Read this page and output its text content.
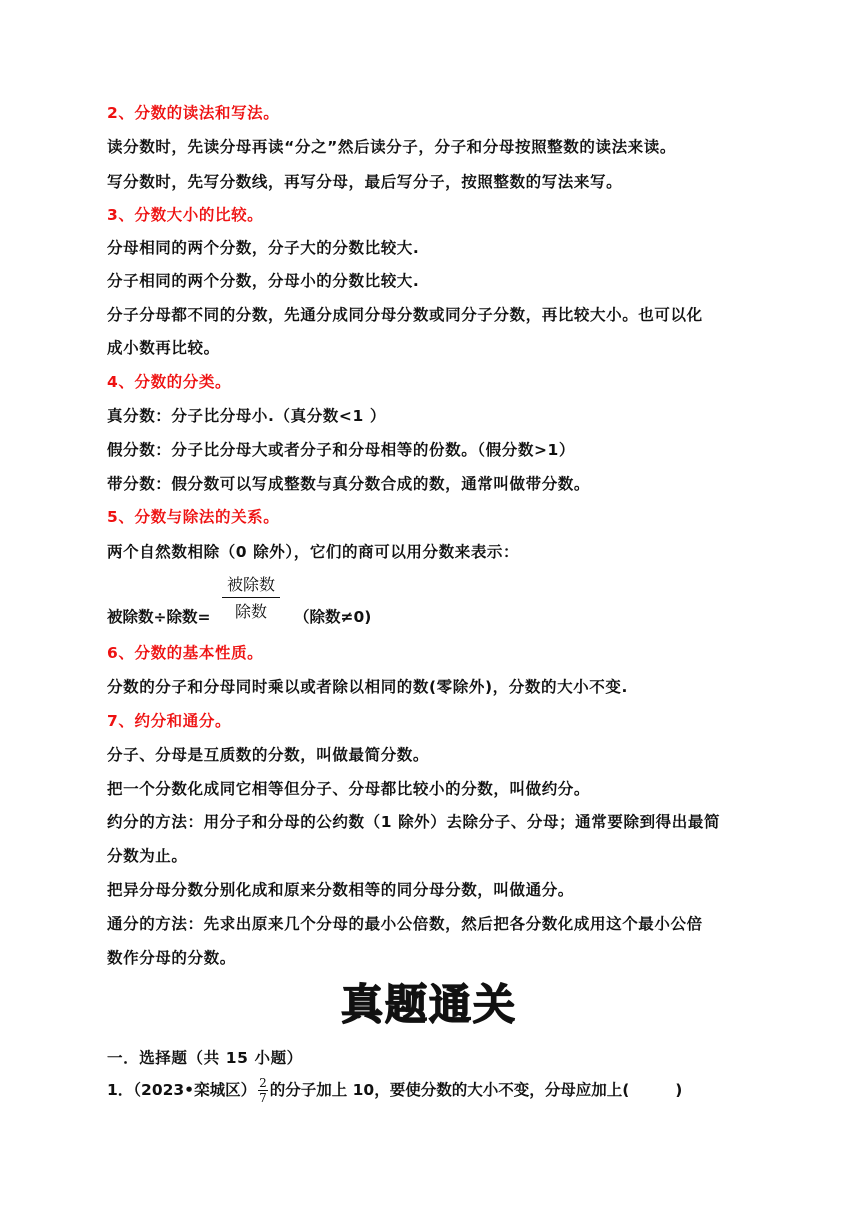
2、分数的读法和写法。
读分数时，先读分母再读“分之”然后读分子，分子和分母按照整数的读法来读。
写分数时，先写分数线，再写分母，最后写分子，按照整数的写法来写。
3、分数大小的比较。
分母相同的两个分数，分子大的分数比较大.
分子相同的两个分数，分母小的分数比较大.
分子分母都不同的分数，先通分成同分母分数或同分子分数，再比较大小。也可以化
成小数再比较。
4、分数的分类。
真分数：分子比分母小.（真分数<1 ）
假分数：分子比分母大或者分子和分母相等的份数。（假分数>1）
带分数：假分数可以写成整数与真分数合成的数，通常叫做带分数。
5、分数与除法的关系。
两个自然数相除（0 除外），它们的商可以用分数来表示：
被除数÷除数=
被除数
除数	（除数≠0)
6、分数的基本性质。
分数的分子和分母同时乘以或者除以相同的数(零除外)，分数的大小不变.
7、约分和通分。
分子、分母是互质数的分数，叫做最简分数。
把一个分数化成同它相等但分子、分母都比较小的分数，叫做约分。
约分的方法：用分子和分母的公约数（1 除外）去除分子、分母；通常要除到得出最简
分数为止。
把异分母分数分别化成和原来分数相等的同分母分数，叫做通分。
通分的方法：先求出原来几个分母的最小公倍数，然后把各分数化成用这个最小公倍
数作分母的分数。
真题通关
一．选择题（共 15 小题）
1．（2023•栾城区） $\frac{2}{7}$ 的分子加上 10，要使分数的大小不变，分母应加上(	)
